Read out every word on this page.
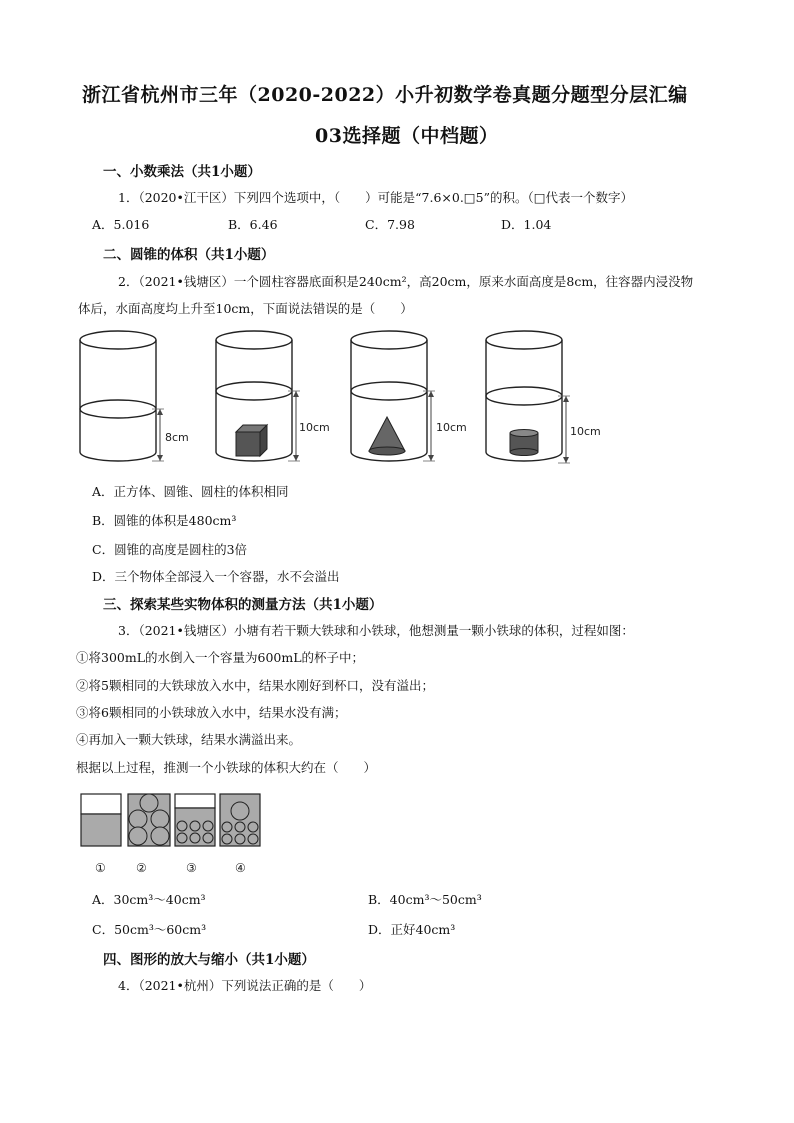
浙江省杭州市三年（2020-2022）小升初数学卷真题分题型分层汇编
03选择题（中档题）
一、小数乘法（共1小题）
1．（2020•江干区）下列四个选项中，（　　）可能是“7.6×0.□5”的积。（□代表一个数字）
A．5.016	B．6.46	C．7.98	D．1.04
二、圆锥的体积（共1小题）
2．（2021•钱塘区）一个圆柱容器底面积是240cm²，高20cm，原来水面高度是8cm，往容器内浸没物
体后，水面高度均上升至10cm，下面说法错误的是（　　）
8cm
10cm	10cm	10cm
A．正方体、圆锥、圆柱的体积相同
B．圆锥的体积是480cm³
C．圆锥的高度是圆柱的3倍
D．三个物体全部浸入一个容器，水不会溢出
三、探索某些实物体积的测量方法（共1小题）
3．（2021•钱塘区）小塘有若干颗大铁球和小铁球，他想测量一颗小铁球的体积，过程如图：
①将300mL的水倒入一个容量为600mL的杯子中；
②将5颗相同的大铁球放入水中，结果水刚好到杯口，没有溢出；
③将6颗相同的小铁球放入水中，结果水没有满；
④再加入一颗大铁球，结果水满溢出来。
根据以上过程，推测一个小铁球的体积大约在（　　）
①	②	③	④
A．30cm³～40cm³	B．40cm³～50cm³
C．50cm³～60cm³	D．正好40cm³
四、图形的放大与缩小（共1小题）
4．（2021•杭州）下列说法正确的是（　　）
